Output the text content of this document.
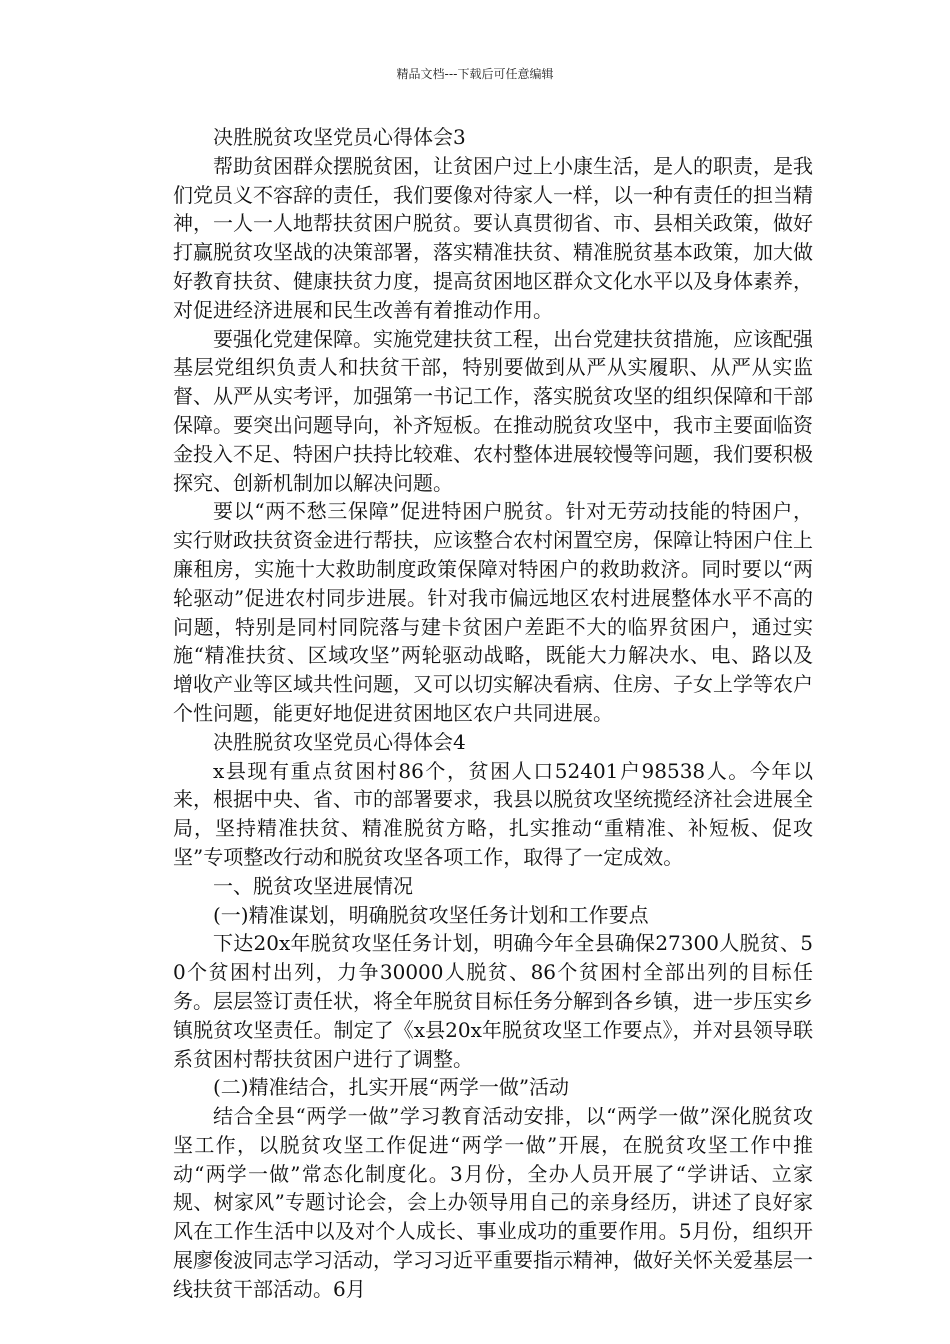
精品文档---下载后可任意编辑

决胜脱贫攻坚党员心得体会3

帮助贫困群众摆脱贫困，让贫困户过上小康生活，是人的职责，是我们党员义不容辞的责任，我们要像对待家人一样，以一种有责任的担当精神，一人一人地帮扶贫困户脱贫。要认真贯彻省、市、县相关政策，做好打赢脱贫攻坚战的决策部署，落实精准扶贫、精准脱贫基本政策，加大做好教育扶贫、健康扶贫力度，提高贫困地区群众文化水平以及身体素养，对促进经济进展和民生改善有着推动作用。

要强化党建保障。实施党建扶贫工程，出台党建扶贫措施，应该配强基层党组织负责人和扶贫干部，特别要做到从严从实履职、从严从实监督、从严从实考评，加强第一书记工作，落实脱贫攻坚的组织保障和干部保障。要突出问题导向，补齐短板。在推动脱贫攻坚中，我市主要面临资金投入不足、特困户扶持比较难、农村整体进展较慢等问题，我们要积极探究、创新机制加以解决问题。

要以“两不愁三保障”促进特困户脱贫。针对无劳动技能的特困户，实行财政扶贫资金进行帮扶，应该整合农村闲置空房，保障让特困户住上廉租房，实施十大救助制度政策保障对特困户的救助救济。同时要以“两轮驱动”促进农村同步进展。针对我市偏远地区农村进展整体水平不高的问题，特别是同村同院落与建卡贫困户差距不大的临界贫困户，通过实施“精准扶贫、区域攻坚”两轮驱动战略，既能大力解决水、电、路以及增收产业等区域共性问题，又可以切实解决看病、住房、子女上学等农户个性问题，能更好地促进贫困地区农户共同进展。

决胜脱贫攻坚党员心得体会4

x县现有重点贫困村86个，贫困人口52401户98538人。今年以来，根据中央、省、市的部署要求，我县以脱贫攻坚统揽经济社会进展全局，坚持精准扶贫、精准脱贫方略，扎实推动“重精准、补短板、促攻坚”专项整改行动和脱贫攻坚各项工作，取得了一定成效。

一、脱贫攻坚进展情况

(一)精准谋划，明确脱贫攻坚任务计划和工作要点

下达20x年脱贫攻坚任务计划，明确今年全县确保27300人脱贫、50个贫困村出列，力争30000人脱贫、86个贫困村全部出列的目标任务。层层签订责任状，将全年脱贫目标任务分解到各乡镇，进一步压实乡镇脱贫攻坚责任。制定了《x县20x年脱贫攻坚工作要点》，并对县领导联系贫困村帮扶贫困户进行了调整。

(二)精准结合，扎实开展“两学一做”活动

结合全县“两学一做”学习教育活动安排，以“两学一做”深化脱贫攻坚工作，以脱贫攻坚工作促进“两学一做”开展，在脱贫攻坚工作中推动“两学一做”常态化制度化。3月份，全办人员开展了“学讲话、立家规、树家风”专题讨论会，会上办领导用自己的亲身经历，讲述了良好家风在工作生活中以及对个人成长、事业成功的重要作用。5月份，组织开展廖俊波同志学习活动，学习习近平重要指示精神，做好关怀关爱基层一线扶贫干部活动。6月
